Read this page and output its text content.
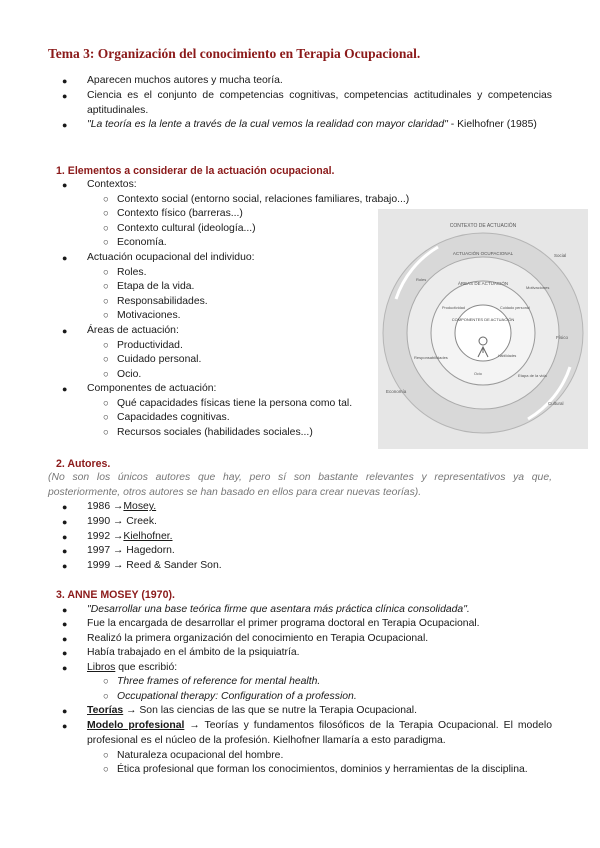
Tema 3: Organización del conocimiento en Terapia Ocupacional.
● Aparecen muchos autores y mucha teoría.
● Ciencia es el conjunto de competencias cognitivas, competencias actitudinales y competencias aptitudinales.
● "La teoría es la lente a través de la cual vemos la realidad con mayor claridad" - Kielhofner (1985)
1. Elementos a considerar de la actuación ocupacional.
● Contextos:
○ Contexto social (entorno social, relaciones familiares, trabajo...)
○ Contexto físico (barreras...)
○ Contexto cultural (ideología...)
○ Economía.
● Actuación ocupacional del individuo:
○ Roles.
○ Etapa de la vida.
○ Responsabilidades.
○ Motivaciones.
● Áreas de actuación:
○ Productividad.
○ Cuidado personal.
○ Ocio.
● Componentes de actuación:
○ Qué capacidades físicas tiene la persona como tal.
○ Capacidades cognitivas.
○ Recursos sociales (habilidades sociales...)
CONTEXTO DE ACTUACIÓN
ACTUACIÓN OCUPACIONAL
ÁREAS DE ACTUACIÓN
COMPONENTES DE ACTUACIÓN
Social
Físico
Cultural
Economía
Roles
Motivaciones
Responsabilidades
Etapa de la vida
Productividad	Cuidado personal
Ocio
Habilidades
2. Autores.
(No son los únicos autores que hay, pero sí son bastante relevantes y representativos ya que, posteriormente, otros autores se han basado en ellos para crear nuevas teorías).
● 1986 →Mosey.
● 1990 → Creek.
● 1992 →Kielhofner.
● 1997 → Hagedorn.
● 1999 → Reed & Sander Son.
3. ANNE MOSEY (1970).
● "Desarrollar una base teórica firme que asentara más práctica clínica consolidada".
● Fue la encargada de desarrollar el primer programa doctoral en Terapia Ocupacional.
● Realizó la primera organización del conocimiento en Terapia Ocupacional.
● Había trabajado en el ámbito de la psiquiatría.
● Libros que escribió:
○ Three frames of reference for mental health.
○ Occupational therapy: Configuration of a profession.
● Teorías → Son las ciencias de las que se nutre la Terapia Ocupacional.
● Modelo profesional → Teorías y fundamentos filosóficos de la Terapia Ocupacional. El modelo profesional es el núcleo de la profesión. Kielhofner llamaría a esto paradigma.
○ Naturaleza ocupacional del hombre.
○ Ética profesional que forman los conocimientos, dominios y herramientas de la disciplina.
